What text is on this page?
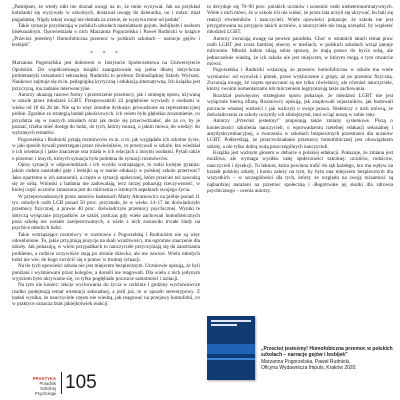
„Pamiętam, że wtedy nikt nie doznał uwagi na to, że mnie wyzywał. Jak na przykład koleżanki się wyzywały w szkolnych, dostawał uwagę do dziennika, no i rodzic miał pogadankę. Nigdy takiej uwagi nie dostała za ożenie, że wyzywa mnie od pedała".

Takie sytuacje przydarzają w polskich szkołach nastolatkom gejom, lesbijkom i osobom biseksualnym. Opowiedziała o nich Marzanna Pogorzelska i Paweł Rudnicki w książce „Przecież jesteśmy! Homofobiczna przemoc w polskich szkołach – narracje gejów i lesbijek".

* * *

Marzanna Pogorzelska jest doktorem w Instytucie Społeczeństwa na Uniwersytecie Opolskim. Do współczesnego książki zaangażowała się jedna dłużej dotychczas problematyki tożsamości seksualnej. Rudnicki to profesor Dolnośląskiej Szkoły Wyższej. Naukowo zajmuje się m.in. pedagogiką krytyczną i edukacją alternatywną. Ich książka jest przyczyną, ma zadanie interwencyjne.

Autorzy ukazują rasowe formy i przestrzenie przemocy, jak i strategię oporu, używaną w szkole przez młodzież LGBT. Przeprowadzili 22 pogłębione wywiady z osobami w wieku od 18 do 28 lat. Nie są to więc żmudne dyskusje, prowadzone na reprezentacyjnej próbie. Zgodnie ze strategią badań jakościowych, ich celem było głębokie zrozumienie, co przydarza się w naszych szkołach oraz jak może się przeciwdziałać, ale za co, by je poznać, trzeba mieć dostęp do ludzi, do tych, którzy muszą, o jakim mowa, do wiedzy: do wybranych tematów.

Pogorzelska i Rudnicki pytają rozmówców m.in. o to, jak wyglądało ich szkolne życie, w jaki sposób bywali postrzegani przez rówieśników, co przeżywali w szkole, kto wiedział o ich orientacji i jakie znaczenie ona miała w ich relacjach z innymi osobami. Pytali także o przemoc i innych, których sytuacja była podobna do sytuacji rozmówców.

Opisy sytuacji w odpowiedziach i ich wyniki wstrząsające, to rodzi kolejne pytania: jakim cudem nastolatki geje i lesbijki są w stanie edukacji w polskiej szkole przetrwać? Jako opartemu w ich autonomii, a często w sytuacji społecznej, które przecież też zawodzą się ze sobą. Wnioski z badania nie zadowalają, lecz raczej pokazują rzeczywistość, w której część uczniów zmuszona jest do milczenia o istotnych aspektach swojego życia.

W przeprowadzonych przez autorów badaniach Marty Abramowicz na próbie ponad 11 tys. młodych osób LGB ponad 50 proc. przyznało, że w wieku 14–17 lat doświadczyło przemocy fizycznej, a prawie 40 proc. doświadczyło przemocy psychicznej. Wyniki te dotyczą wyłącznie przypadków ze szkół, podczas gdy wiele zachowań homofobicznych poza szkołą nie zostało zarejestrowanych, a wiele z nich zostawiło trwałe ślady na psychice młodych ludzi.

Takie wstrząsające rozmówcy w rozmowie z Pogorzelską i Rudnickim nie są więc odosobnione. To, jakie przyjmują pozycje na skali wrażliwości, ma ogromne znaczenie dla szkoły. Jak pokazują, w wielu przypadkach to nauczyciele przyczyniają się do zaostrzania problemu, a rodzice oczywiście stają po stronie dziecka, ale nie zawsze. Wielu młodych ludzi nie wie, do kogo zwrócić się o pomoc w trudnej sytuacji.

Na tle tych opowieści szkoła nie jest miejscem bezpiecznym. Uczniowie opisują, że byli poniżani i wyśmiewani przez kolegów, a dorośli nie reagowali. Dla wielu z nich jedynym wyjściem było ukrywanie się, co tylko pogłębiało poczucie samotności i izolacji.

Na tym nie koniec: lekcje wychowania do życia w rodzinie i godziny wychowawcze rzadko podejmują temat orientacji seksualnej, a jeśli już, to w sposób stereotypowy. Z badań wynika, że nauczyciele często nie wiedzą, jak reagować na przejawy homofobii, co w praktyce oznacza brak jakiejkolwiek reakcji.

tu decyduje się 70–90 proc. polskich uczniów i uczennic osób nieheteronormatywnych. Wiele z nich mówi, że w szkole ich nie widać, że przez lata uczyli się ukrywać, bo bali się reakcji rówieśników i nauczycieli. Wiele opowieści pokazuje, że szkoła nie jest przygotowana na przyjęcie takich uczniów, a nauczyciele nie mają narzędzi, by wspierać młodzież LGBT.

Autorzy zwracają uwagę na pewien paradoks. Choć w ostatnich latach temat praw osób LGBT jest coraz bardziej obecny w mediach, w polskich szkołach wciąż panuje milczenie. Młodzi ludzie zdają sobie sprawę, że mają prawo do bycia sobą, ale jednocześnie wiedzą, że ich szkoła nie jest miejscem, w którym mogą o tym otwarcie mówić.

Pogorzelska i Rudnicki wskazują, że przemoc homofobiczna w szkole ma wiele wymiarów: od wyzwisk i plotek, przez wykluczenie z grupy, aż po przemoc fizyczną. Zwracają uwagę, że często sprawcami są nie tylko rówieśnicy, ale również nauczyciele, którzy swoimi komentarzami lub milczeniem legitymizują takie zachowania.

Rozdział poświęcony strategiom oporu pokazuje, że młodzież LGBT nie jest wyłącznie bierną ofiarą. Rozmówcy opisują, jak znajdowali sojuszników, jak budowali poczucie własnej wartości i jak walczyli o swoje prawa. Niektórzy z nich mówią, że doświadczenia ze szkoły uczyniły ich silniejszymi, inni wciąż noszą w sobie rany.

Autorzy „Przecież jesteśmy!" proponują także zmiany systemowe. Piszą o konieczności szkolenia nauczycieli, o wprowadzeniu rzetelnej edukacji seksualnej i antydyskryminacyjnej, o tworzeniu w szkołach bezpiecznych przestrzeni dla uczniów LGBT. Podkreślają, że przeciwdziałanie przemocy homofobicznej jest obowiązkiem szkoły, a nie tylko dobrą wolą poszczególnych nauczycieli.

Książka jest ważnym głosem w debacie o polskiej edukacji. Pokazuje, że zmiana jest możliwa, ale wymaga wysiłku całej społeczności szkolnej: uczniów, rodziców, nauczycieli i dyrekcji. To lektura, która powinna trafić do rąk każdego, kto ma wpływ na kształt polskiej szkoły i komu zależy na tym, by była ona miejscem bezpiecznym dla wszystkich – w szczególności dla tych, którzy ze względu na swoją tożsamość są najbardziej narażeni na przemoc społeczną i długotrwałe jej skutki dla zdrowia psychicznego – ocenia autorzy.

„Przecież jesteśmy! Homofobiczna przemoc w polskich szkołach – narracje gejów i lesbijek"
Marzanna Pogorzelska, Paweł Rudnicki,
Oficyna Wydawnicza Impuls, Kraków 2020.
PRAKTYKA
Poradnik
Szkolnej
Psychologii
105
